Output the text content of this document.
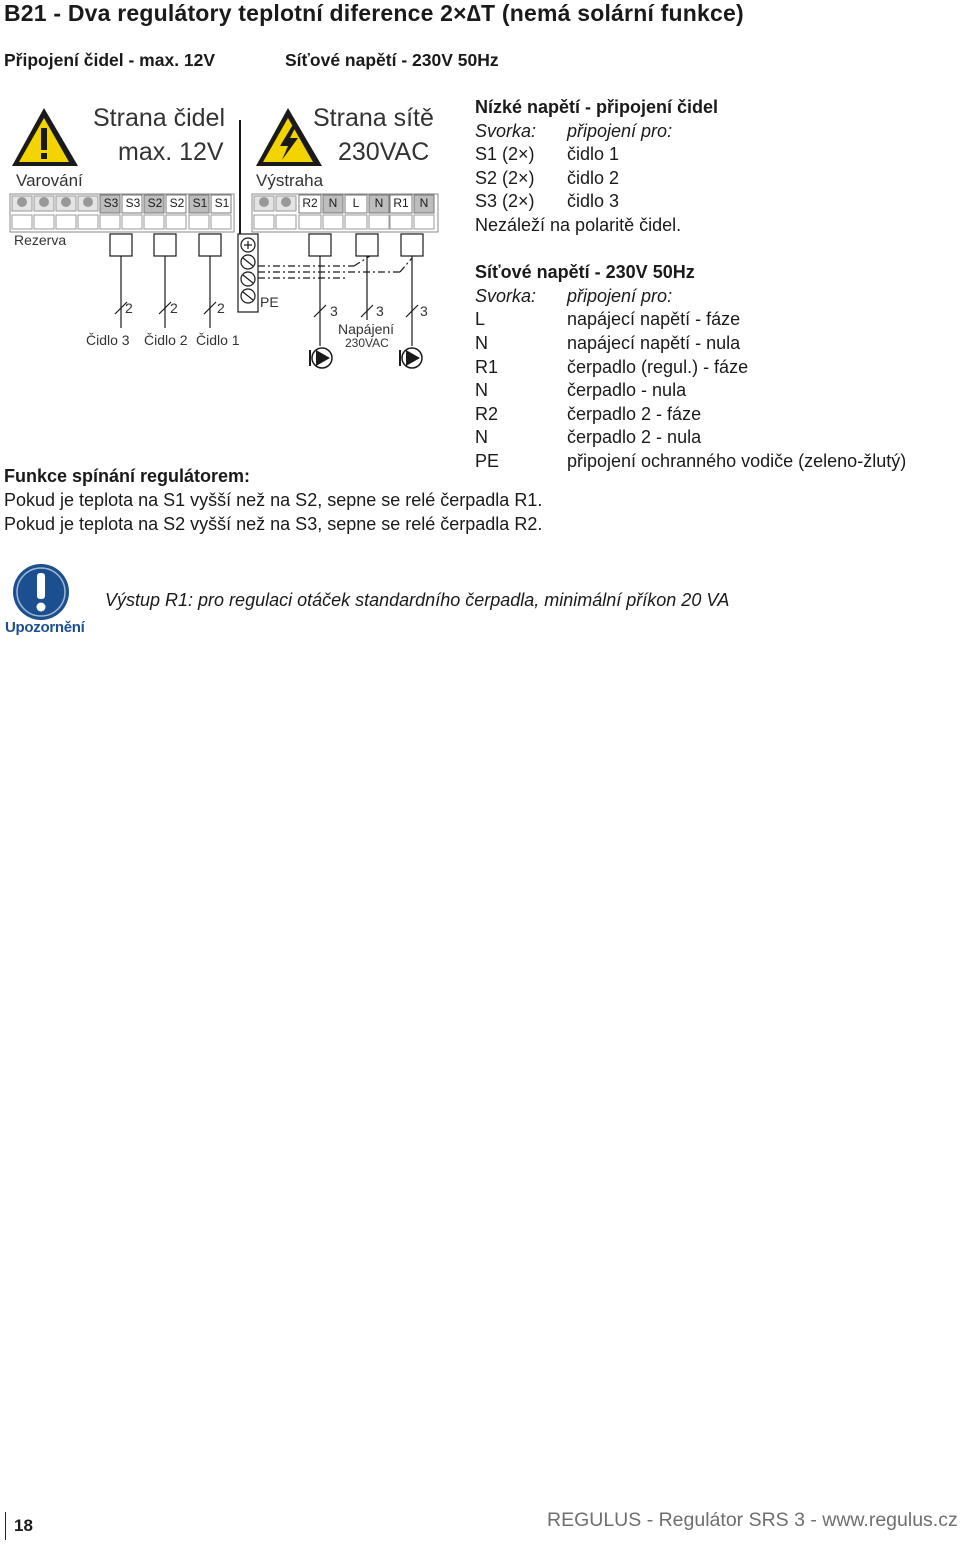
B21 - Dva regulátory teplotní diference 2×∆T (nemá solární funkce)
Připojení čidel - max. 12V	Síťové napětí - 230V 50Hz
Varování
Strana čidel
max. 12V
Výstraha
Strana sítě
230VAC
Rezerva
2	2	2
Čidlo 3 Čidlo 2 Čidlo 1
PE
3	3	3
Napájení
230VAC
S3 S3 S2 S2 S1 S1	R2 N	L	N R1 N
Nízké napětí - připojení čidel
Svorka:	připojení pro:
S1 (2×)	čidlo 1
S2 (2×)	čidlo 2
S3 (2×)	čidlo 3
Nezáleží na polaritě čidel.
Síťové napětí - 230V 50Hz
Svorka:	připojení pro:
L	napájecí napětí - fáze
N	napájecí napětí - nula
R1	čerpadlo (regul.) - fáze
N	čerpadlo - nula
R2	čerpadlo 2 - fáze
N	čerpadlo 2 - nula
PE	připojení ochranného vodiče (zeleno-žlutý)
Funkce spínání regulátorem:
Pokud je teplota na S1 vyšší než na S2, sepne se relé čerpadla R1.
Pokud je teplota na S2 vyšší než na S3, sepne se relé čerpadla R2.
Upozornění
Výstup R1: pro regulaci otáček standardního čerpadla, minimální příkon 20 VA
18	REGULUS - Regulátor SRS 3 - www.regulus.cz
